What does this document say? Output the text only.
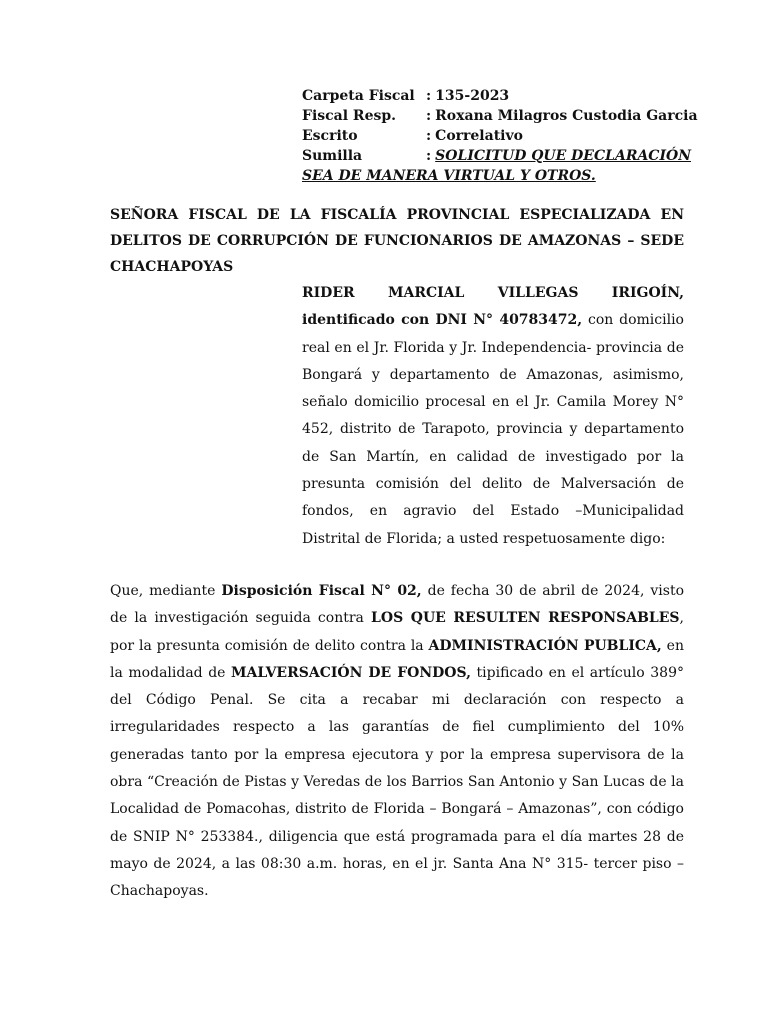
Carpeta Fiscal : 135-2023
Fiscal Resp.	: Roxana Milagros Custodia Garcia
Escrito	: Correlativo
Sumilla	: SOLICITUD QUE DECLARACIÓN
SEA DE MANERA VIRTUAL Y OTROS.
SEÑORA FISCAL DE LA FISCALÍA PROVINCIAL ESPECIALIZADA EN DELITOS DE CORRUPCIÓN DE FUNCIONARIOS DE AMAZONAS – SEDE CHACHAPOYAS
RIDER MARCIAL VILLEGAS IRIGOÍN, identificado con DNI N° 40783472, con domicilio real en el Jr. Florida y Jr. Independencia- provincia de Bongará y departamento de Amazonas, asimismo, señalo domicilio procesal en el Jr. Camila Morey N° 452, distrito de Tarapoto, provincia y departamento de San Martín, en calidad de investigado por la presunta comisión del delito de Malversación de fondos, en agravio del Estado –Municipalidad Distrital de Florida; a usted respetuosamente digo:
Que, mediante Disposición Fiscal N° 02, de fecha 30 de abril de 2024, visto de la investigación seguida contra LOS QUE RESULTEN RESPONSABLES, por la presunta comisión de delito contra la ADMINISTRACIÓN PUBLICA, en la modalidad de MALVERSACIÓN DE FONDOS, tipificado en el artículo 389° del Código Penal. Se cita a recabar mi declaración con respecto a irregularidades respecto a las garantías de fiel cumplimiento del 10% generadas tanto por la empresa ejecutora y por la empresa supervisora de la obra “Creación de Pistas y Veredas de los Barrios San Antonio y San Lucas de la Localidad de Pomacohas, distrito de Florida – Bongará – Amazonas”, con código de SNIP N° 253384., diligencia que está programada para el día martes 28 de mayo de 2024, a las 08:30 a.m. horas, en el jr. Santa Ana N° 315- tercer piso – Chachapoyas.
